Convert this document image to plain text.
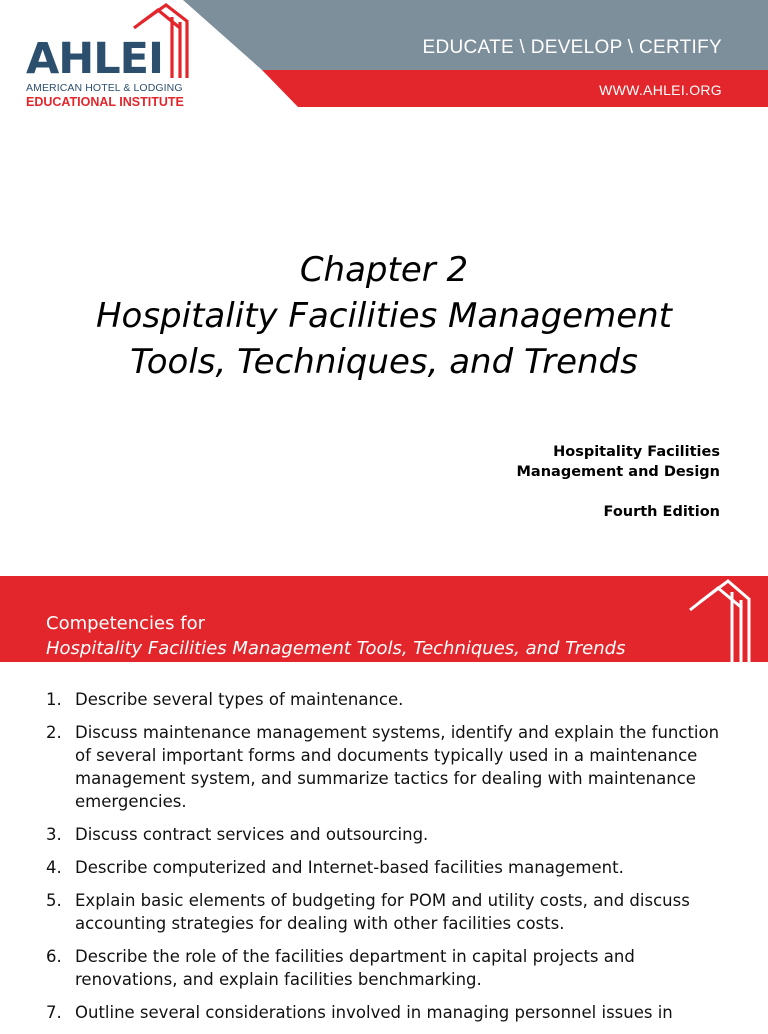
AHLEI
AMERICAN HOTEL & LODGING
EDUCATIONAL INSTITUTE
EDUCATE \ DEVELOP \ CERTIFY
WWW.AHLEI.ORG
Chapter 2
Hospitality Facilities Management
Tools, Techniques, and Trends
Hospitality Facilities
Management and Design
Fourth Edition
Competencies for
Hospitality Facilities Management Tools, Techniques, and Trends
1. Describe several types of maintenance.
2. Discuss maintenance management systems, identify and explain the function of several important forms and documents typically used in a maintenance management system, and summarize tactics for dealing with maintenance emergencies.
3. Discuss contract services and outsourcing.
4. Describe computerized and Internet-based facilities management.
5. Explain basic elements of budgeting for POM and utility costs, and discuss accounting strategies for dealing with other facilities costs.
6. Describe the role of the facilities department in capital projects and renovations, and explain facilities benchmarking.
7. Outline several considerations involved in managing personnel issues in
